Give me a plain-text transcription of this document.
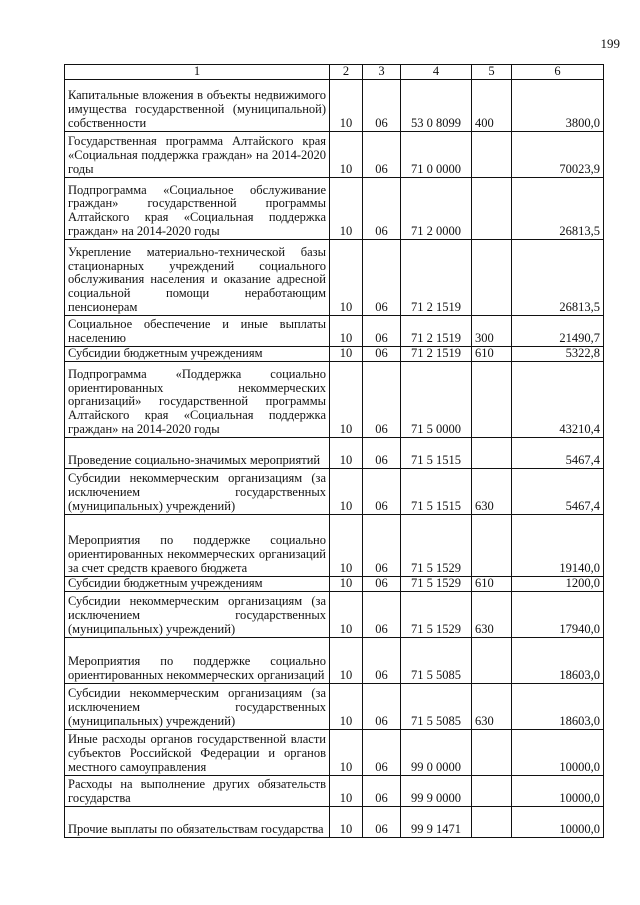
199
1	2	3	4	5	6
Капитальные вложения в объекты недвижимого имущества государственной (муниципальной) собственности	10	06	53 0 8099	400	3800,0
Государственная программа Алтайского края «Социальная поддержка граждан» на 2014-2020 годы	10	06	71 0 0000		70023,9
Подпрограмма «Социальное обслуживание граждан» государственной программы Алтайского края «Социальная поддержка граждан» на 2014-2020 годы	10	06	71 2 0000		26813,5
Укрепление материально-технической базы стационарных учреждений социального обслуживания населения и оказание адресной социальной помощи неработающим пенсионерам	10	06	71 2 1519		26813,5
Социальное обеспечение и иные выплаты населению	10	06	71 2 1519	300	21490,7
Субсидии бюджетным учреждениям	10	06	71 2 1519	610	5322,8
Подпрограмма «Поддержка социально ориентированных некоммерческих организаций» государственной программы Алтайского края «Социальная поддержка граждан» на 2014-2020 годы	10	06	71 5 0000		43210,4
Проведение социально-значимых мероприятий	10	06	71 5 1515		5467,4
Субсидии некоммерческим организациям (за исключением государственных (муниципальных) учреждений)	10	06	71 5 1515	630	5467,4
Мероприятия по поддержке социально ориентированных некоммерческих организаций за счет средств краевого бюджета	10	06	71 5 1529		19140,0
Субсидии бюджетным учреждениям	10	06	71 5 1529	610	1200,0
Субсидии некоммерческим организациям (за исключением государственных (муниципальных) учреждений)	10	06	71 5 1529	630	17940,0
Мероприятия по поддержке социально ориентированных некоммерческих организаций	10	06	71 5 5085		18603,0
Субсидии некоммерческим организациям (за исключением государственных (муниципальных) учреждений)	10	06	71 5 5085	630	18603,0
Иные расходы органов государственной власти субъектов Российской Федерации и органов местного самоуправления	10	06	99 0 0000		10000,0
Расходы на выполнение других обязательств государства	10	06	99 9 0000		10000,0
Прочие выплаты по обязательствам государства	10	06	99 9 1471		10000,0
